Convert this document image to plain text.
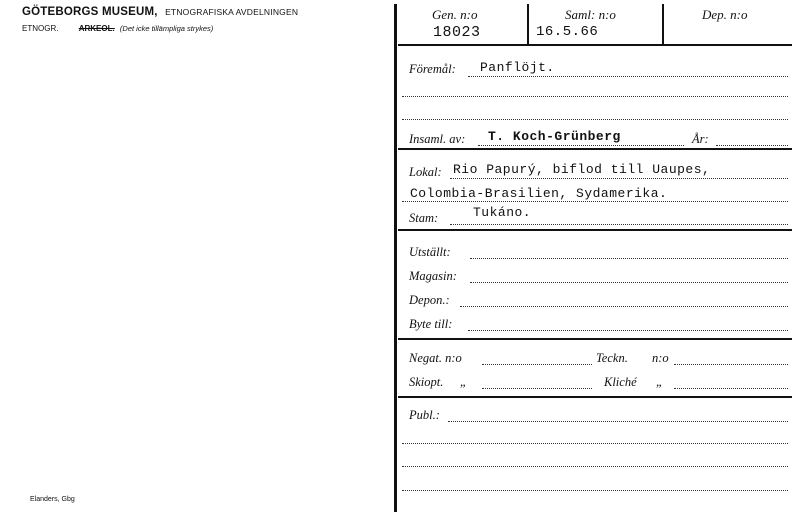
GÖTEBORGS MUSEUM, ETNOGRAFISKA AVDELNINGEN
ETNOGR.	ARKEOL. (Det icke tillämpliga strykes)
Elanders, Gbg
Gen. n:o
18023
Saml: n:o
16.5.66
Dep. n:o
Föremål: Panflöjt.
Insaml. av: T. Koch-Grünberg	År:
Lokal: Rio Papurý, biflod till Uaupes,
Colombia-Brasilien, Sydamerika.
Stam:	Tukáno.
Utställt:
Magasin:
Depon.:
Byte till:
Negat. n:o	Teckn. n:o
Skiopt. „	Kliché „
Publ.:
